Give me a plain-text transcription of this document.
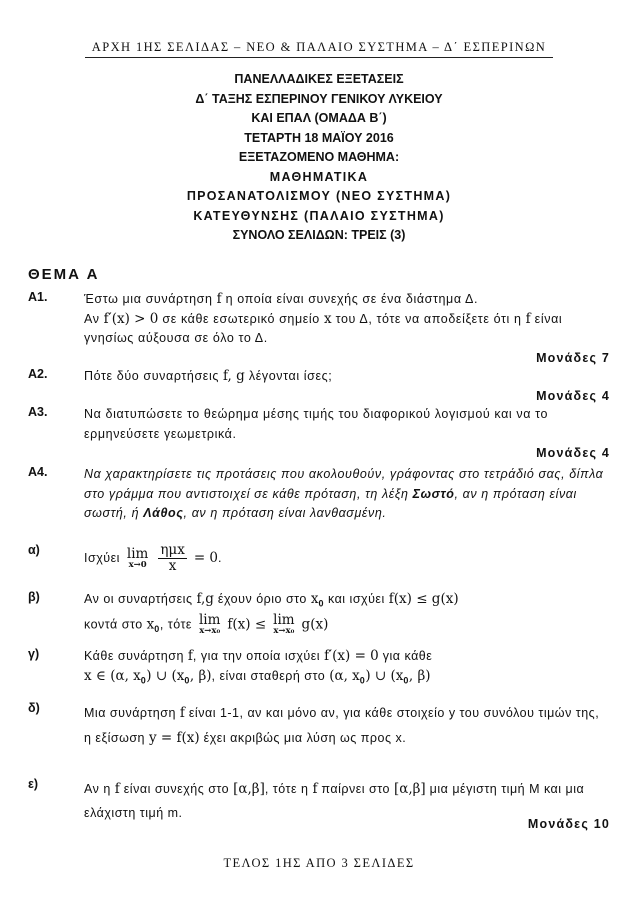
ΑΡΧΗ 1ΗΣ ΣΕΛΙΔΑΣ – ΝΕΟ & ΠΑΛΑΙΟ ΣΥΣΤΗΜΑ – Δ΄ ΕΣΠΕΡΙΝΩΝ
ΠΑΝΕΛΛΑΔΙΚΕΣ ΕΞΕΤΑΣΕΙΣ
Δ΄ ΤΑΞΗΣ ΕΣΠΕΡΙΝΟΥ ΓΕΝΙΚΟΥ ΛΥΚΕΙΟΥ
ΚΑΙ ΕΠΑΛ (ΟΜΑΔΑ Β΄)
ΤΕΤΑΡΤΗ 18 ΜΑΪΟΥ 2016
ΕΞΕΤΑΖΟΜΕΝΟ ΜΑΘΗΜΑ:
ΜΑΘΗΜΑΤΙΚΑ
ΠΡΟΣΑΝΑΤΟΛΙΣΜΟΥ (ΝΕΟ ΣΥΣΤΗΜΑ)
ΚΑΤΕΥΘΥΝΣΗΣ (ΠΑΛΑΙΟ ΣΥΣΤΗΜΑ)
ΣΥΝΟΛΟ ΣΕΛΙΔΩΝ: ΤΡΕΙΣ (3)
ΘΕΜΑ Α
Α1.	Έστω μια συνάρτηση f η οποία είναι συνεχής σε ένα διάστημα Δ.
Αν f′(x) > 0 σε κάθε εσωτερικό σημείο x του Δ, τότε να αποδείξετε ότι η f είναι γνησίως αύξουσα σε όλο το Δ.
Μονάδες 7
Α2.	Πότε δύο συναρτήσεις f, g λέγονται ίσες;
Μονάδες 4
Α3.	Να διατυπώσετε το θεώρημα μέσης τιμής του διαφορικού λογισμού και να το ερμηνεύσετε γεωμετρικά.
Μονάδες 4
Α4.	Να χαρακτηρίσετε τις προτάσεις που ακολουθούν, γράφοντας στο τετράδιό σας, δίπλα στο γράμμα που αντιστοιχεί σε κάθε πρόταση, τη λέξη Σωστό, αν η πρόταση είναι σωστή, ή Λάθος, αν η πρόταση είναι λανθασμένη.
α)
Ισχύει lim
x→0
$\frac{\text{ημx}}{x} = 0$.
β)	Αν οι συναρτήσεις f,g έχουν όριο στο $x_0$ και ισχύει f(x) ≤ g(x)
κοντά στο $x_0$, τότε lim
x→x₀ f(x) ≤ lim
x→x₀ g(x)
γ)	Κάθε συνάρτηση f, για την οποία ισχύει f′(x) = 0 για κάθε
x ∈ (α, $x_0$) ∪ ($x_0$, β), είναι σταθερή στο (α, $x_0$) ∪ ($x_0$, β)
δ)	Μια συνάρτηση f είναι 1-1, αν και μόνο αν, για κάθε στοιχείο y του συνόλου τιμών της, η εξίσωση y = f(x) έχει ακριβώς μια λύση ως προς x.
ε)	Αν η f είναι συνεχής στο [α,β], τότε η f παίρνει στο [α,β] μια μέγιστη τιμή Μ και μια ελάχιστη τιμή m.
Μονάδες 10
ΤΕΛΟΣ 1ΗΣ ΑΠΟ 3 ΣΕΛΙΔΕΣ
